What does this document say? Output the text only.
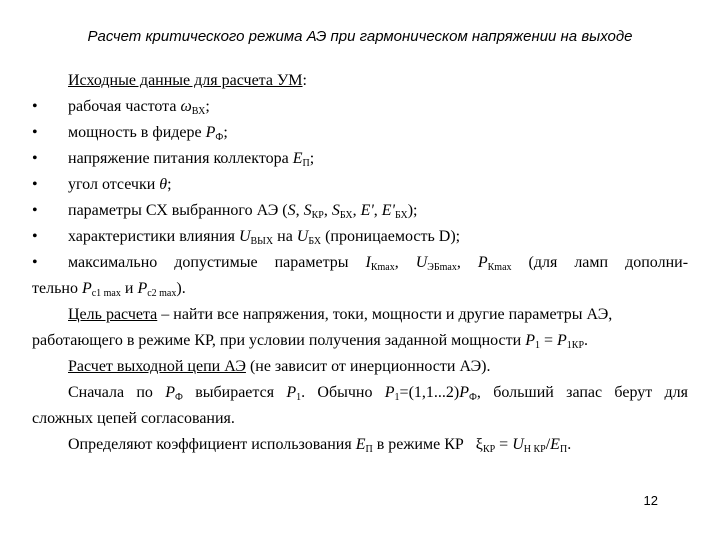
Расчет критического режима АЭ при гармоническом напряжении на выходе
Исходные данные для расчета УМ:
• рабочая частота $\omega_{ВХ}$;
• мощность в фидере $P_Ф$;
• напряжение питания коллектора $E_П$;
• угол отсечки θ;
• параметры СХ выбранного АЭ (S, $S_{КР}$, $S_{БХ}$, E', $E'_{БХ}$);
• характеристики влияния $U_{ВЫХ}$ на $U_{БХ}$ (проницаемость D);
• максимально допустимые параметры $I_{Кmax}$, $U_{ЭБmax}$, $P_{Кmax}$ (для ламп дополни-
тельно $P_{с1 max}$ и $P_{с2 max}$).
Цель расчета – найти все напряжения, токи, мощности и другие параметры АЭ,
работающего в режиме КР, при условии получения заданной мощности $P_1 = P_{1КР}$.
Расчет выходной цепи АЭ (не зависит от инерционности АЭ).
Сначала по $P_Ф$ выбирается $P_1$. Обычно $P_1=(1,1...2)P_Ф$, больший запас берут для
сложных цепей согласования.
Определяют коэффициент использования $E_П$ в режиме КР   $\xi_{КР} = U_{Н КР}/E_П$.
12
